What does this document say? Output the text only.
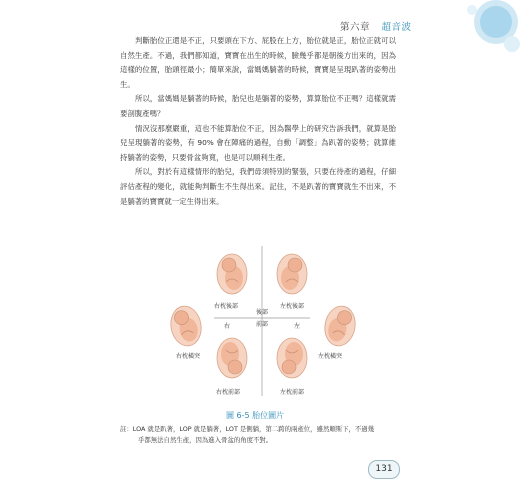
第六章 超音波

判斷胎位正還是不正，只要頭在下方、屁股在上方，胎位就是正，胎位正就可以自然生產。不過，我們都知道，寶寶在出生的時候，臉幾乎都是朝後方出來的，因為這樣的位置，胎頭徑最小；簡單來說，當媽媽躺著的時候，寶寶是呈現趴著的姿勢出生。

所以，當媽媽是躺著的時候，胎兒也是躺著的姿勢，算算胎位不正嗎？這樣就需要剖腹產嗎？

情況沒那麼嚴重，這也不能算胎位不正，因為醫學上的研究告訴我們，就算是胎兒呈現躺著的姿勢，有 90% 會在陣痛的過程，自動「調整」為趴著的姿勢；就算維持躺著的姿勢，只要骨盆夠寬，也是可以順利生產。

所以，對於有這樣情形的胎兒，我們毋須特別的緊張，只要在待產的過程，仔細評估產程的變化，就能夠判斷生不生得出來。記住，不是趴著的寶寶就生不出來，不是躺著的寶寶就一定生得出來。

右枕後部	左枕後部
後部
右	左
右枕橫突	左枕橫突
前部
右枕前部	左枕前部
圖 6-5 胎位圖片
註：LOA 就是趴著，LOP 就是躺著，LOT 是側躺，第二跨的兩產位，雖然順斯下，不過幾
乎都無法自然生產，因為進入骨盆的角度不對。
131
